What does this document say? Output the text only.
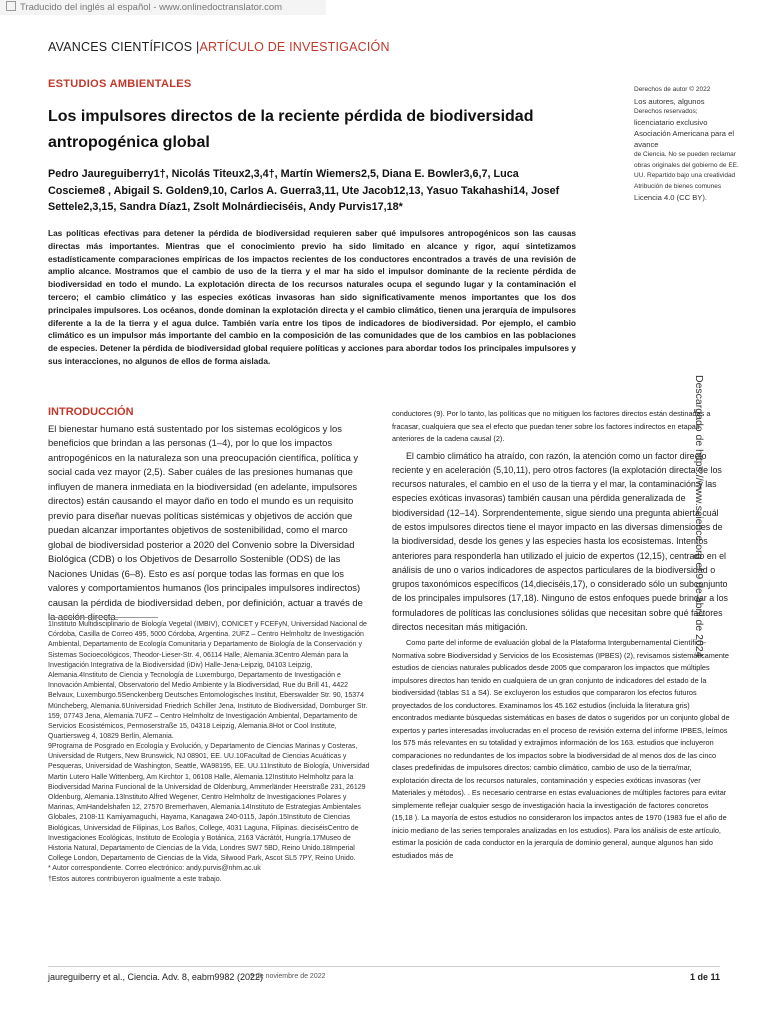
Traducido del inglés al español - www.onlinedoctranslator.com
AVANCES CIENTÍFICOS |ARTÍCULO DE INVESTIGACIÓN
ESTUDIOS AMBIENTALES
Los impulsores directos de la reciente pérdida de biodiversidad antropogénica global
Pedro Jaureguiberry1†, Nicolás Titeux2,3,4†, Martín Wiemers2,5, Diana E. Bowler3,6,7, Luca Coscieme8 , Abigail S. Golden9,10, Carlos A. Guerra3,11, Ute Jacob12,13, Yasuo Takahashi14, Josef Settele2,3,15, Sandra Díaz1, Zsolt Molnárdieciséis, Andy Purvis17,18*
Las políticas efectivas para detener la pérdida de biodiversidad requieren saber qué impulsores antropogénicos son las causas directas más importantes. Mientras que el conocimiento previo ha sido limitado en alcance y rigor, aquí sintetizamos estadísticamente comparaciones empíricas de los impactos recientes de los conductores encontrados a través de una revisión de amplio alcance. Mostramos que el cambio de uso de la tierra y el mar ha sido el impulsor dominante de la reciente pérdida de biodiversidad en todo el mundo. La explotación directa de los recursos naturales ocupa el segundo lugar y la contaminación el tercero; el cambio climático y las especies exóticas invasoras han sido significativamente menos importantes que los dos principales impulsores. Los océanos, donde dominan la explotación directa y el cambio climático, tienen una jerarquía de impulsores diferente a la de la tierra y el agua dulce. También varía entre los tipos de indicadores de biodiversidad. Por ejemplo, el cambio climático es un impulsor más importante del cambio en la composición de las comunidades que de los cambios en las poblaciones de especies. Detener la pérdida de biodiversidad global requiere políticas y acciones para abordar todos los principales impulsores y sus interacciones, no algunos de ellos de forma aislada.
Derechos de autor © 2022
Los autores, algunos
Derechos reservados;
licenciatario exclusivo
Asociación Americana para el avance
de Ciencia. No se pueden reclamar obras originales del gobierno de EE. UU. Repartido bajo una creatividad
Atribución de bienes comunes
Licencia 4.0 (CC BY).
Descargado de https://www.science.org el 9 de abril de 2024
INTRODUCCIÓN

El bienestar humano está sustentado por los sistemas ecológicos y los beneficios que brindan a las personas (1–4), por lo que los impactos antropogénicos en la naturaleza son una preocupación científica, política y social cada vez mayor (2,5). Saber cuáles de las presiones humanas que influyen de manera inmediata en la biodiversidad (en adelante, impulsores directos) están causando el mayor daño en todo el mundo es un requisito previo para diseñar nuevas políticas sistémicas y objetivos de acción que puedan alcanzar importantes objetivos de sostenibilidad, como el marco global de biodiversidad posterior a 2020 del Convenio sobre la Diversidad Biológica (CDB) o los Objetivos de Desarrollo Sostenible (ODS) de las Naciones Unidas (6–8). Esto es así porque todas las formas en que los valores y comportamientos humanos (los principales impulsores indirectos) causan la pérdida de biodiversidad deben, por definición, actuar a través de

1Instituto Multidisciplinario de Biología Vegetal (IMBIV), CONICET y FCEFyN, Universidad Nacional de Córdoba, Casilla de Correo 495, 5000 Córdoba, Argentina. 2UFZ – Centro Helmholtz de Investigación Ambiental, Departamento de Ecología Comunitaria y Departamento de Biología de la Conservación y Sistemas Socioecológicos, Theodor-Lieser-Str. 4, 06114 Halle, Alemania.3Centro Alemán para la Investigación Integrativa de la Biodiversidad (iDiv) Halle-Jena-Leipzig, 04103 Leipzig, Alemania.4Instituto de Ciencia y Tecnología de Luxemburgo, Departamento de Investigación e Innovación Ambiental, Observatorio del Medio Ambiente y la Biodiversidad, Rue du Brill 41, 4422 Belvaux, Luxemburgo.5Senckenberg Deutsches Entomologisches Institut, Eberswalder Str. 90, 15374 Müncheberg, Alemania.6Universidad Friedrich Schiller Jena, Instituto de Biodiversidad, Dornburger Str. 159, 07743 Jena, Alemania.7UFZ – Centro Helmholtz de Investigación Ambiental, Departamento de Servicios Ecosistémicos, Permoserstraße 15, 04318 Leipzig, Alemania.8Hot or Cool Institute, Quartiersweg 4, 10829 Berlín, Alemania.
9Programa de Posgrado en Ecología y Evolución, y Departamento de Ciencias Marinas y Costeras, Universidad de Rutgers, New Brunswick, NJ 08901, EE. UU.10Facultad de Ciencias Acuáticas y Pesqueras, Universidad de Washington, Seattle, WA98195, EE. UU.11Instituto de Biología, Universidad Martin Lutero Halle Wittenberg, Am Kirchtor 1, 06108 Halle, Alemania.12Instituto Helmholtz para la Biodiversidad Marina Funcional de la Universidad de Oldenburg, Ammerländer Heerstraße 231, 26129 Oldenburg, Alemania.13Instituto Alfred Wegener, Centro Helmholtz de Investigaciones Polares y Marinas, AmHandelshafen 12, 27570 Bremerhaven, Alemania.14Instituto de Estrategias Ambientales Globales, 2108-11 Kamiyamaguchi, Hayama, Kanagawa 240-0115, Japón.15Instituto de Ciencias Biológicas, Universidad de Filipinas, Los Baños, College, 4031 Laguna, Filipinas. dieciséisCentro de Investigaciones Ecológicas, Instituto de Ecología y Botánica, 2163 Vácrátót, Hungría.17Museo de Historia Natural, Departamento de Ciencias de la Vida, Londres SW7 5BD, Reino Unido.18Imperial College London, Departamento de Ciencias de la Vida, Silwood Park, Ascot SL5 7PY, Reino Unido.
* Autor correspondiente. Correo electrónico: andy.purvis@nhm.ac.uk
†Estos autores contribuyeron igualmente a este trabajo.

conductores (9). Por lo tanto, las políticas que no mitiguen los factores directos están destinadas a fracasar, cualquiera que sea el efecto que puedan tener sobre los factores indirectos en etapas anteriores de la cadena causal (2).

El cambio climático ha atraído, con razón, la atención como un factor directo reciente y en aceleración (5,10,11), pero otros factores (la explotación directa de los recursos naturales, el cambio en el uso de la tierra y el mar, la contaminación y las especies exóticas invasoras) también causan una pérdida generalizada de biodiversidad (12–14). Sorprendentemente, sigue siendo una pregunta abierta cuál de estos impulsores directos tiene el mayor impacto en las diversas dimensiones de la biodiversidad, desde los genes y las especies hasta los ecosistemas. Intentos anteriores para responderla han utilizado el juicio de expertos (12,15), centrado en el análisis de uno o varios indicadores de aspectos particulares de la biodiversidad o grupos taxonómicos específicos (14,dieciséis,17), o considerado sólo un subconjunto de los principales impulsores (17,18). Ninguno de estos enfoques puede brindar a los formuladores de políticas las conclusiones sólidas que necesitan sobre qué factores directos necesitan más mitigación.

Como parte del informe de evaluación global de la Plataforma Intergubernamental Científico-Normativa sobre Biodiversidad y Servicios de los Ecosistemas (IPBES) (2), revisamos sistemáticamente estudios de ciencias naturales publicados desde 2005 que compararon los impactos que múltiples impulsores directos han tenido en cualquiera de un gran conjunto de indicadores del estado de la biodiversidad (tablas S1 a S4). Se excluyeron los estudios que compararon los efectos futuros proyectados de los conductores. Examinamos los 45.162 estudios (incluida la literatura gris) encontrados mediante búsquedas sistemáticas en bases de datos o sugeridos por un conjunto global de expertos y partes interesadas involucradas en el proceso de revisión externa del informe IPBES, leímos los 575 más relevantes en su totalidad y extrajimos información de los 163. estudios que incluyeron comparaciones no redundantes de los impactos sobre la biodiversidad de al menos dos de las cinco clases predefinidas de impulsores directos: cambio climático, cambio de uso de la tierra/mar, explotación directa de los recursos naturales, contaminación y especies exóticas invasoras (ver Materiales y métodos). . Es necesario centrarse en estas evaluaciones de múltiples factores para evitar simplemente reflejar cualquier sesgo de investigación hacia la investigación de factores concretos (15,18 ). La mayoría de estos estudios no consideraron los impactos antes de 1970 (1983 fue el año de inicio mediano de las series temporales analizadas en los estudios). Para los análisis de este artículo, estimar la posición de cada conductor en la jerarquía de dominio general, aunque algunos han sido estudiados más de

jaureguiberry et al., Ciencia. Adv. 8, eabm9982 (2022)
9 de noviembre de 2022	1 de 11
